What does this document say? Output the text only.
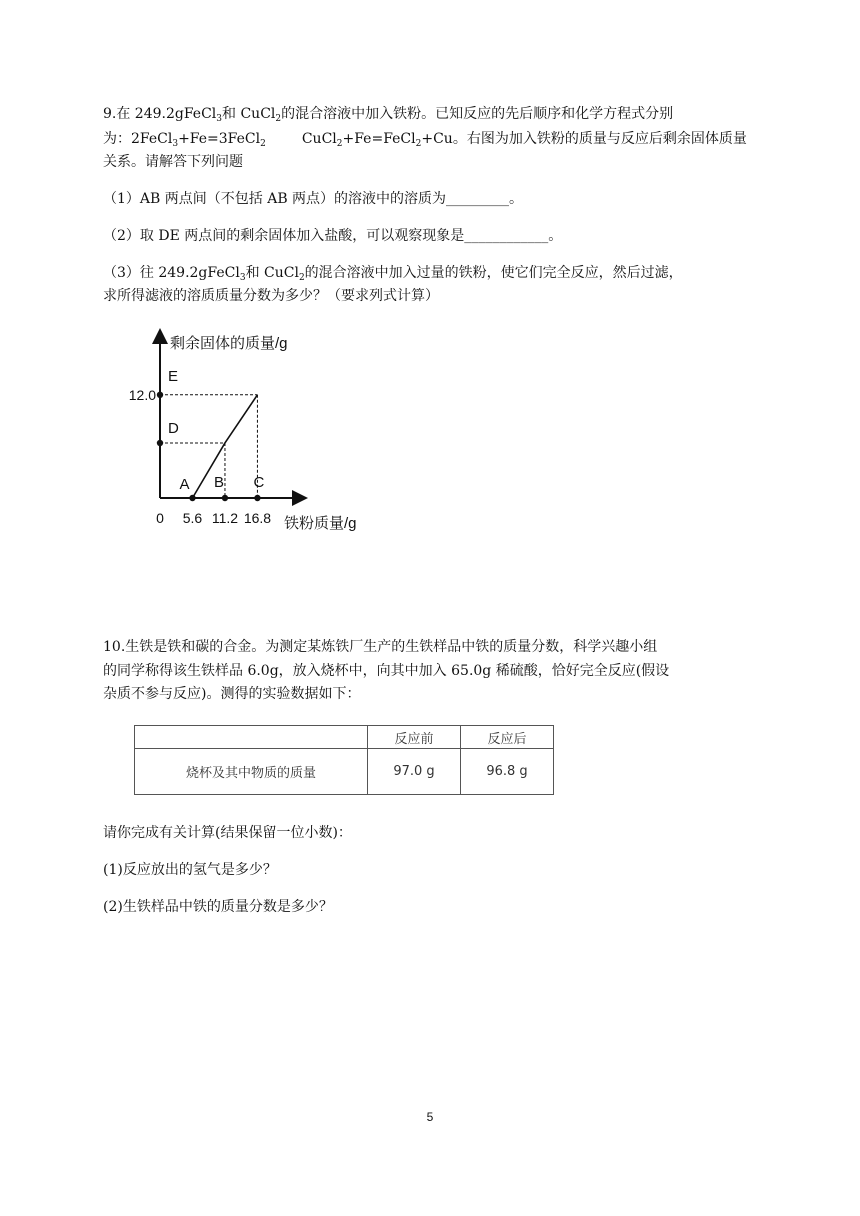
9.在 249.2gFeCl$_3$和 CuCl$_2$的混合溶液中加入铁粉。已知反应的先后顺序和化学方程式分别
为：2FeCl$_3$+Fe=3FeCl$_2$	CuCl$_2$+Fe=FeCl$_2$+Cu。右图为加入铁粉的质量与反应后剩余固体质量
关系。请解答下列问题
（1）AB 两点间（不包括 AB 两点）的溶液中的溶质为_________。
（2）取 DE 两点间的剩余固体加入盐酸，可以观察现象是____________。
（3）往 249.2gFeCl$_3$和 CuCl$_2$的混合溶液中加入过量的铁粉，使它们完全反应，然后过滤，
求所得滤液的溶质质量分数为多少？（要求列式计算）
剩余固体的质量/g
铁粉质量/g
0 5.6 11.2 16.8
12.0
E
D
A B C
10.生铁是铁和碳的合金。为测定某炼铁厂生产的生铁样品中铁的质量分数，科学兴趣小组
的同学称得该生铁样品 6.0g，放入烧杯中，向其中加入 65.0g 稀硫酸，恰好完全反应(假设
杂质不参与反应)。测得的实验数据如下：
	反应前	反应后
烧杯及其中物质的质量	97.0 g	96.8 g
请你完成有关计算(结果保留一位小数)：
(1)反应放出的氢气是多少？
(2)生铁样品中铁的质量分数是多少？
5
